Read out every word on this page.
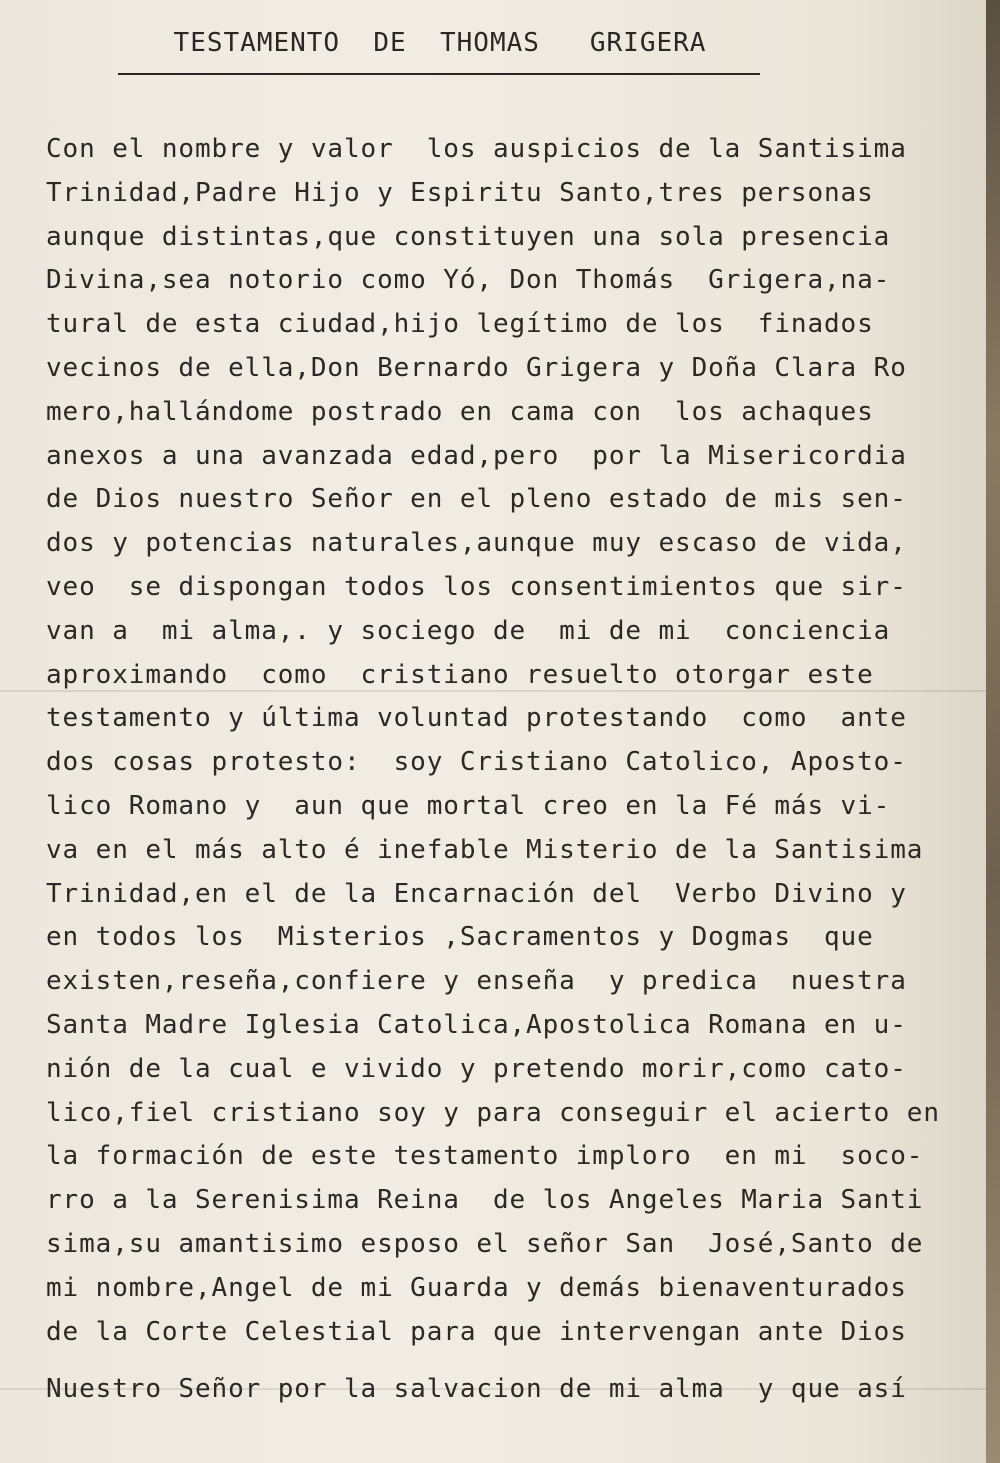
TESTAMENTO  DE  THOMAS   GRIGERA
Con el nombre y valor  los auspicios de la Santisima
Trinidad,Padre Hijo y Espiritu Santo,tres personas
aunque distintas,que constituyen una sola presencia
Divina,sea notorio como Yó, Don Thomás  Grigera,na-
tural de esta ciudad,hijo legítimo de los  finados
vecinos de ella,Don Bernardo Grigera y Doña Clara Ro
mero,hallándome postrado en cama con  los achaques
anexos a una avanzada edad,pero  por la Misericordia
de Dios nuestro Señor en el pleno estado de mis sen-
dos y potencias naturales,aunque muy escaso de vida,
veo  se dispongan todos los consentimientos que sir-
van a  mi alma,. y sociego de  mi de mi  conciencia
aproximando  como  cristiano resuelto otorgar este
testamento y última voluntad protestando  como  ante
dos cosas protesto:  soy Cristiano Catolico, Aposto-
lico Romano y  aun que mortal creo en la Fé más vi-
va en el más alto é inefable Misterio de la Santisima
Trinidad,en el de la Encarnación del  Verbo Divino y
en todos los  Misterios ,Sacramentos y Dogmas  que
existen,reseña,confiere y enseña  y predica  nuestra
Santa Madre Iglesia Catolica,Apostolica Romana en u-
nión de la cual e vivido y pretendo morir,como cato-
lico,fiel cristiano soy y para conseguir el acierto en
la formación de este testamento imploro  en mi  soco-
rro a la Serenisima Reina  de los Angeles Maria Santi
sima,su amantisimo esposo el señor San  José,Santo de
mi nombre,Angel de mi Guarda y demás bienaventurados
de la Corte Celestial para que intervengan ante Dios
Nuestro Señor por la salvacion de mi alma  y que así
